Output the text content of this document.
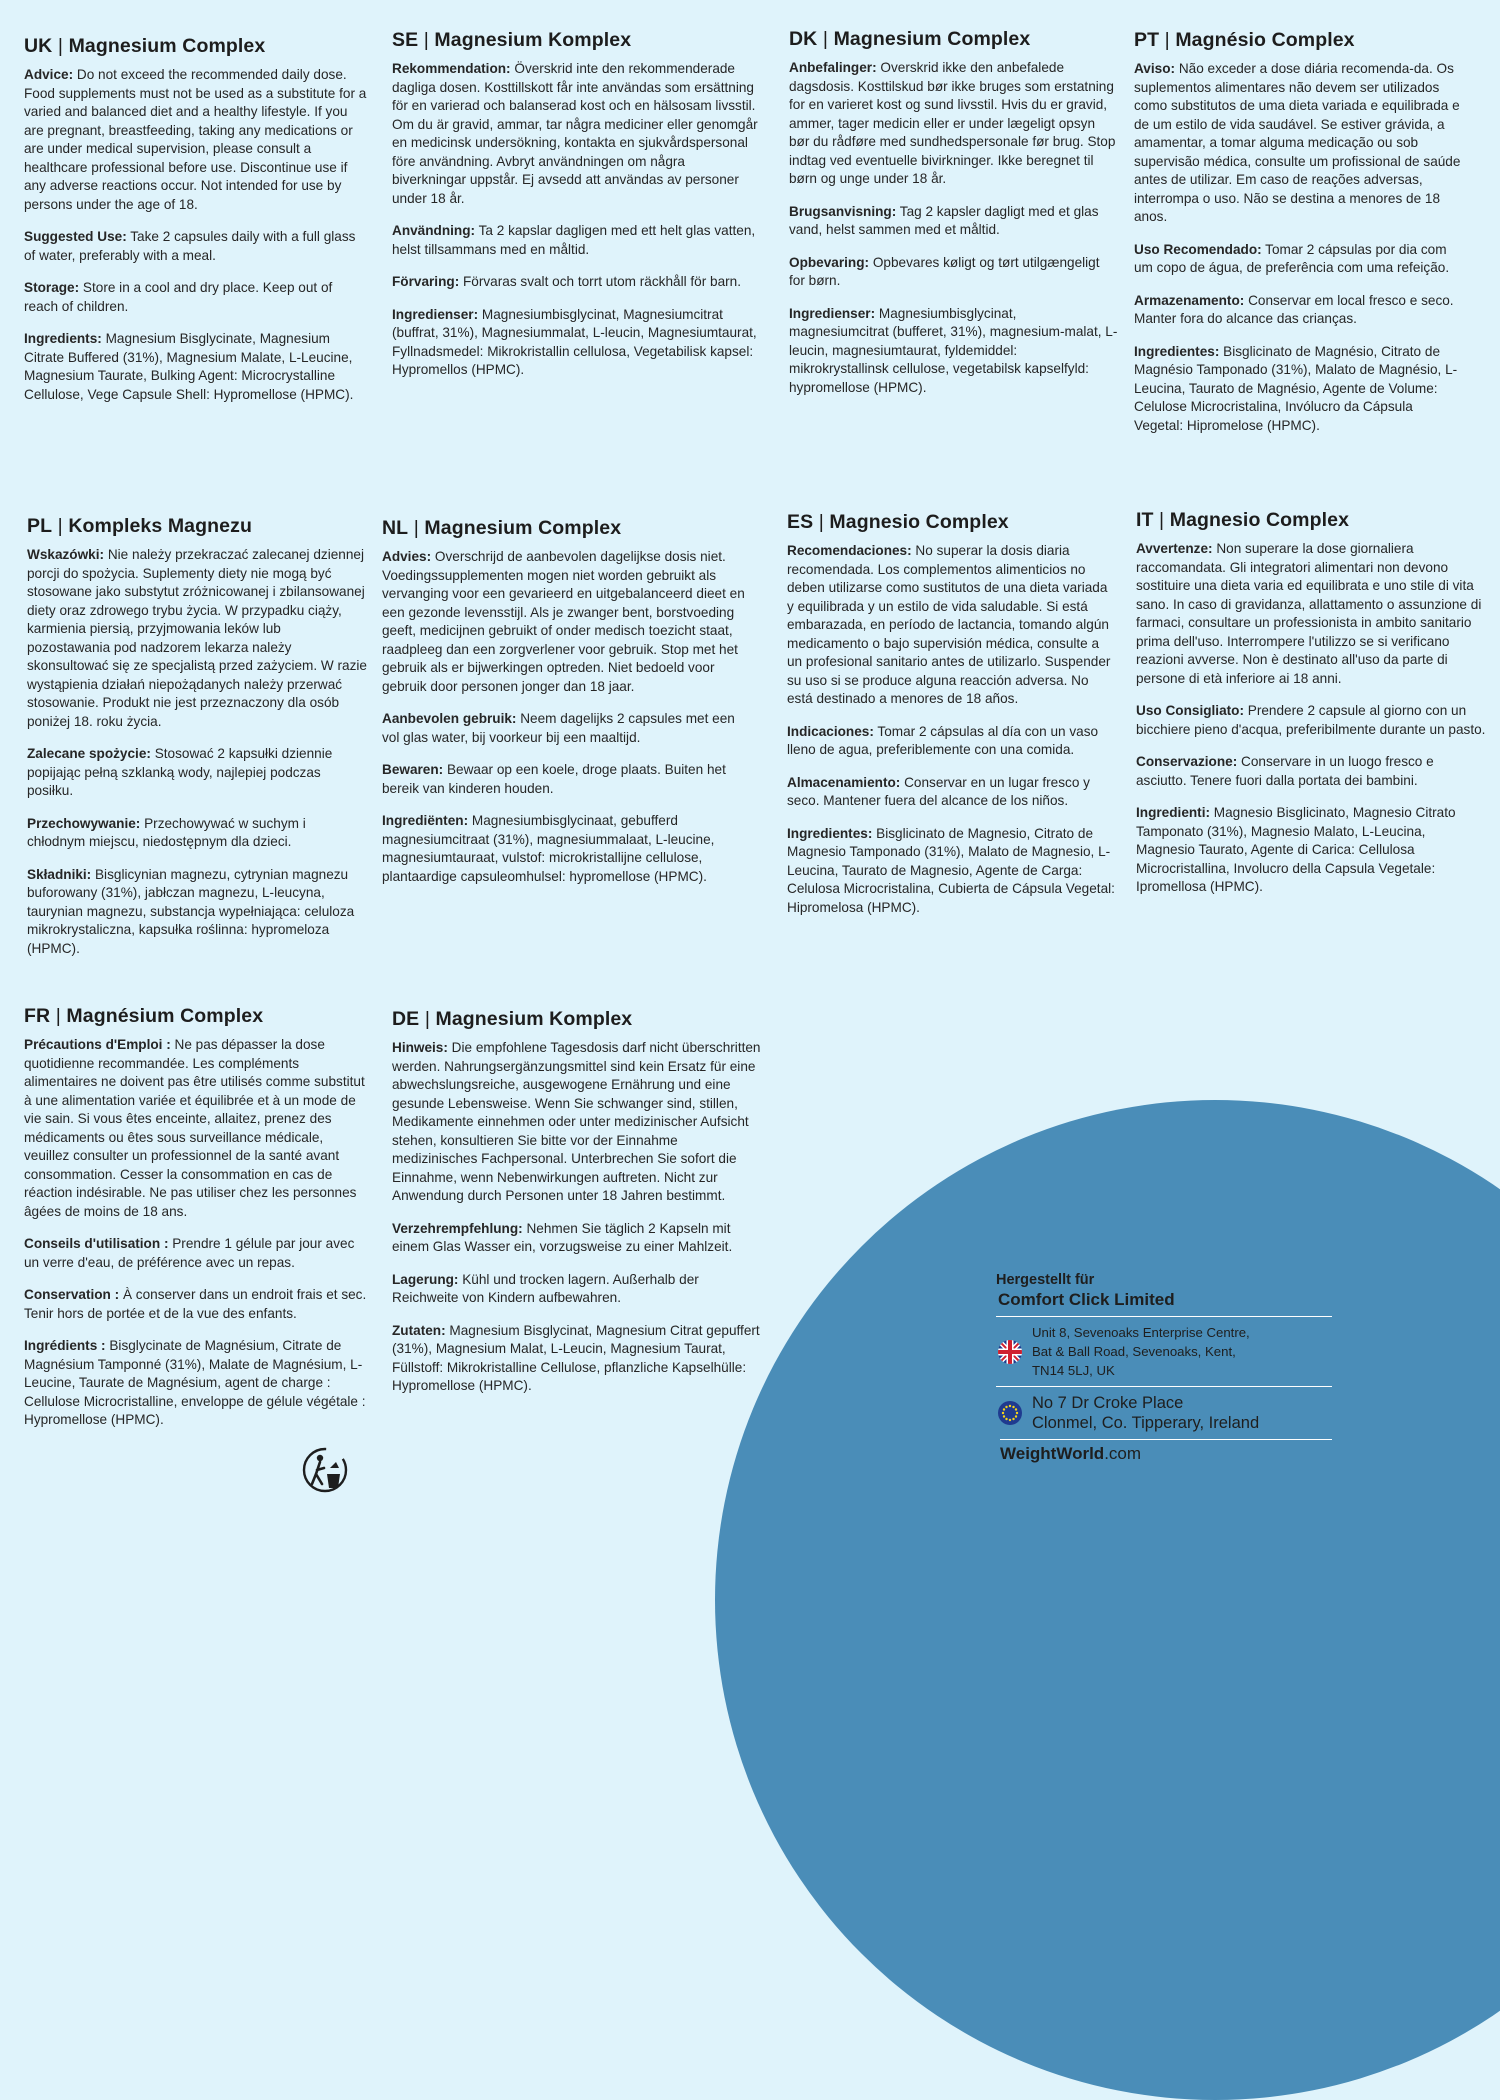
UK | Magnesium Complex

Advice: Do not exceed the recommended daily dose. Food supplements must not be used as a substitute for a varied and balanced diet and a healthy lifestyle. If you are pregnant, breastfeeding, taking any medications or are under medical supervision, please consult a healthcare professional before use. Discontinue use if any adverse reactions occur. Not intended for use by persons under the age of 18.

Suggested Use: Take 2 capsules daily with a full glass of water, preferably with a meal.

Storage: Store in a cool and dry place. Keep out of reach of children.

Ingredients: Magnesium Bisglycinate, Magnesium Citrate Buffered (31%), Magnesium Malate, L-Leucine, Magnesium Taurate, Bulking Agent: Microcrystalline Cellulose, Vege Capsule Shell: Hypromellose (HPMC).

SE | Magnesium Komplex

Rekommendation: Överskrid inte den rekommenderade dagliga dosen. Kosttillskott får inte användas som ersättning för en varierad och balanserad kost och en hälsosam livsstil. Om du är gravid, ammar, tar några mediciner eller genomgår en medicinsk undersökning, kontakta en sjukvårdspersonal före användning. Avbryt användningen om några biverkningar uppstår. Ej avsedd att användas av personer under 18 år.

Användning: Ta 2 kapslar dagligen med ett helt glas vatten, helst tillsammans med en måltid.

Förvaring: Förvaras svalt och torrt utom räckhåll för barn.

Ingredienser: Magnesiumbisglycinat, Magnesiumcitrat (buffrat, 31%), Magnesiummalat, L-leucin, Magnesiumtaurat, Fyllnadsmedel: Mikrokristallin cellulosa, Vegetabilisk kapsel: Hypromellos (HPMC).

DK | Magnesium Complex

Anbefalinger: Overskrid ikke den anbefalede dagsdosis. Kosttilskud bør ikke bruges som erstatning for en varieret kost og sund livsstil. Hvis du er gravid, ammer, tager medicin eller er under lægeligt opsyn bør du rådføre med sundhedspersonale før brug. Stop indtag ved eventuelle bivirkninger. Ikke beregnet til børn og unge under 18 år.

Brugsanvisning: Tag 2 kapsler dagligt med et glas vand, helst sammen med et måltid.

Opbevaring: Opbevares køligt og tørt utilgængeligt for børn.

Ingredienser: Magnesiumbisglycinat, magnesiumcitrat (bufferet, 31%), magnesium-malat, L-leucin, magnesiumtaurat, fyldemiddel: mikrokrystallinsk cellulose, vegetabilsk kapselfyld: hypromellose (HPMC).

PT | Magnésio Complex

Aviso: Não exceder a dose diária recomenda-da. Os suplementos alimentares não devem ser utilizados como substitutos de uma dieta variada e equilibrada e de um estilo de vida saudável. Se estiver grávida, a amamentar, a tomar alguma medicação ou sob supervisão médica, consulte um profissional de saúde antes de utilizar. Em caso de reações adversas, interrompa o uso. Não se destina a menores de 18 anos.

Uso Recomendado: Tomar 2 cápsulas por dia com um copo de água, de preferência com uma refeição.

Armazenamento: Conservar em local fresco e seco. Manter fora do alcance das crianças.

Ingredientes: Bisglicinato de Magnésio, Citrato de Magnésio Tamponado (31%), Malato de Magnésio, L-Leucina, Taurato de Magnésio, Agente de Volume: Celulose Microcristalina, Invólucro da Cápsula Vegetal: Hipromelose (HPMC).

PL | Kompleks Magnezu

Wskazówki: Nie należy przekraczać zalecanej dziennej porcji do spożycia. Suplementy diety nie mogą być stosowane jako substytut zróżnicowanej i zbilansowanej diety oraz zdrowego trybu życia. W przypadku ciąży, karmienia piersią, przyjmowania leków lub pozostawania pod nadzorem lekarza należy skonsultować się ze specjalistą przed zażyciem. W razie wystąpienia działań niepożądanych należy przerwać stosowanie. Produkt nie jest przeznaczony dla osób poniżej 18. roku życia.

Zalecane spożycie: Stosować 2 kapsułki dziennie popijając pełną szklanką wody, najlepiej podczas posiłku.

Przechowywanie: Przechowywać w suchym i chłodnym miejscu, niedostępnym dla dzieci.

Składniki: Bisglicynian magnezu, cytrynian magnezu buforowany (31%), jabłczan magnezu, L-leucyna, taurynian magnezu, substancja wypełniająca: celuloza mikrokrystaliczna, kapsułka roślinna: hypromeloza (HPMC).

NL | Magnesium Complex

Advies: Overschrijd de aanbevolen dagelijkse dosis niet. Voedingssupplementen mogen niet worden gebruikt als vervanging voor een gevarieerd en uitgebalanceerd dieet en een gezonde levensstijl. Als je zwanger bent, borstvoeding geeft, medicijnen gebruikt of onder medisch toezicht staat, raadpleeg dan een zorgverlener voor gebruik. Stop met het gebruik als er bijwerkingen optreden. Niet bedoeld voor gebruik door personen jonger dan 18 jaar.

Aanbevolen gebruik: Neem dagelijks 2 capsules met een vol glas water, bij voorkeur bij een maaltijd.

Bewaren: Bewaar op een koele, droge plaats. Buiten het bereik van kinderen houden.

Ingrediënten: Magnesiumbisglycinaat, gebufferd magnesiumcitraat (31%), magnesiummalaat, L-leucine, magnesiumtauraat, vulstof: microkristallijne cellulose, plantaardige capsuleomhulsel: hypromellose (HPMC).

ES | Magnesio Complex

Recomendaciones: No superar la dosis diaria recomendada. Los complementos alimenticios no deben utilizarse como sustitutos de una dieta variada y equilibrada y un estilo de vida saludable. Si está embarazada, en período de lactancia, tomando algún medicamento o bajo supervisión médica, consulte a un profesional sanitario antes de utilizarlo. Suspender su uso si se produce alguna reacción adversa. No está destinado a menores de 18 años.

Indicaciones: Tomar 2 cápsulas al día con un vaso lleno de agua, preferiblemente con una comida.

Almacenamiento: Conservar en un lugar fresco y seco. Mantener fuera del alcance de los niños.

Ingredientes: Bisglicinato de Magnesio, Citrato de Magnesio Tamponado (31%), Malato de Magnesio, L-Leucina, Taurato de Magnesio, Agente de Carga: Celulosa Microcristalina, Cubierta de Cápsula Vegetal: Hipromelosa (HPMC).

IT | Magnesio Complex

Avvertenze: Non superare la dose giornaliera raccomandata. Gli integratori alimentari non devono sostituire una dieta varia ed equilibrata e uno stile di vita sano. In caso di gravidanza, allattamento o assunzione di farmaci, consultare un professionista in ambito sanitario prima dell'uso. Interrompere l'utilizzo se si verificano reazioni avverse. Non è destinato all'uso da parte di persone di età inferiore ai 18 anni.

Uso Consigliato: Prendere 2 capsule al giorno con un bicchiere pieno d'acqua, preferibilmente durante un pasto.

Conservazione: Conservare in un luogo fresco e asciutto. Tenere fuori dalla portata dei bambini.

Ingredienti: Magnesio Bisglicinato, Magnesio Citrato Tamponato (31%), Magnesio Malato, L-Leucina, Magnesio Taurato, Agente di Carica: Cellulosa Microcristallina, Involucro della Capsula Vegetale: Ipromellosa (HPMC).

FR | Magnésium Complex

Précautions d'Emploi : Ne pas dépasser la dose quotidienne recommandée. Les compléments alimentaires ne doivent pas être utilisés comme substitut à une alimentation variée et équilibrée et à un mode de vie sain. Si vous êtes enceinte, allaitez, prenez des médicaments ou êtes sous surveillance médicale, veuillez consulter un professionnel de la santé avant consommation. Cesser la consommation en cas de réaction indésirable. Ne pas utiliser chez les personnes âgées de moins de 18 ans.

Conseils d'utilisation : Prendre 1 gélule par jour avec un verre d'eau, de préférence avec un repas.

Conservation : À conserver dans un endroit frais et sec. Tenir hors de portée et de la vue des enfants.

Ingrédients : Bisglycinate de Magnésium, Citrate de Magnésium Tamponné (31%), Malate de Magnésium, L-Leucine, Taurate de Magnésium, agent de charge : Cellulose Microcristalline, enveloppe de gélule végétale : Hypromellose (HPMC).

DE | Magnesium Komplex

Hinweis: Die empfohlene Tagesdosis darf nicht überschritten werden. Nahrungsergänzungsmittel sind kein Ersatz für eine abwechslungsreiche, ausgewogene Ernährung und eine gesunde Lebensweise. Wenn Sie schwanger sind, stillen, Medikamente einnehmen oder unter medizinischer Aufsicht stehen, konsultieren Sie bitte vor der Einnahme medizinisches Fachpersonal. Unterbrechen Sie sofort die Einnahme, wenn Nebenwirkungen auftreten. Nicht zur Anwendung durch Personen unter 18 Jahren bestimmt.

Verzehrempfehlung: Nehmen Sie täglich 2 Kapseln mit einem Glas Wasser ein, vorzugsweise zu einer Mahlzeit.

Lagerung: Kühl und trocken lagern. Außerhalb der Reichweite von Kindern aufbewahren.

Zutaten: Magnesium Bisglycinat, Magnesium Citrat gepuffert (31%), Magnesium Malat, L-Leucin, Magnesium Taurat, Füllstoff: Mikrokristalline Cellulose, pflanzliche Kapselhülle: Hypromellose (HPMC).

Hergestellt für

Comfort Click Limited

Unit 8, Sevenoaks Enterprise Centre,
Bat & Ball Road, Sevenoaks, Kent,
TN14 5LJ, UK
No 7 Dr Croke Place
Clonmel, Co. Tipperary, Ireland
WeightWorld.com
